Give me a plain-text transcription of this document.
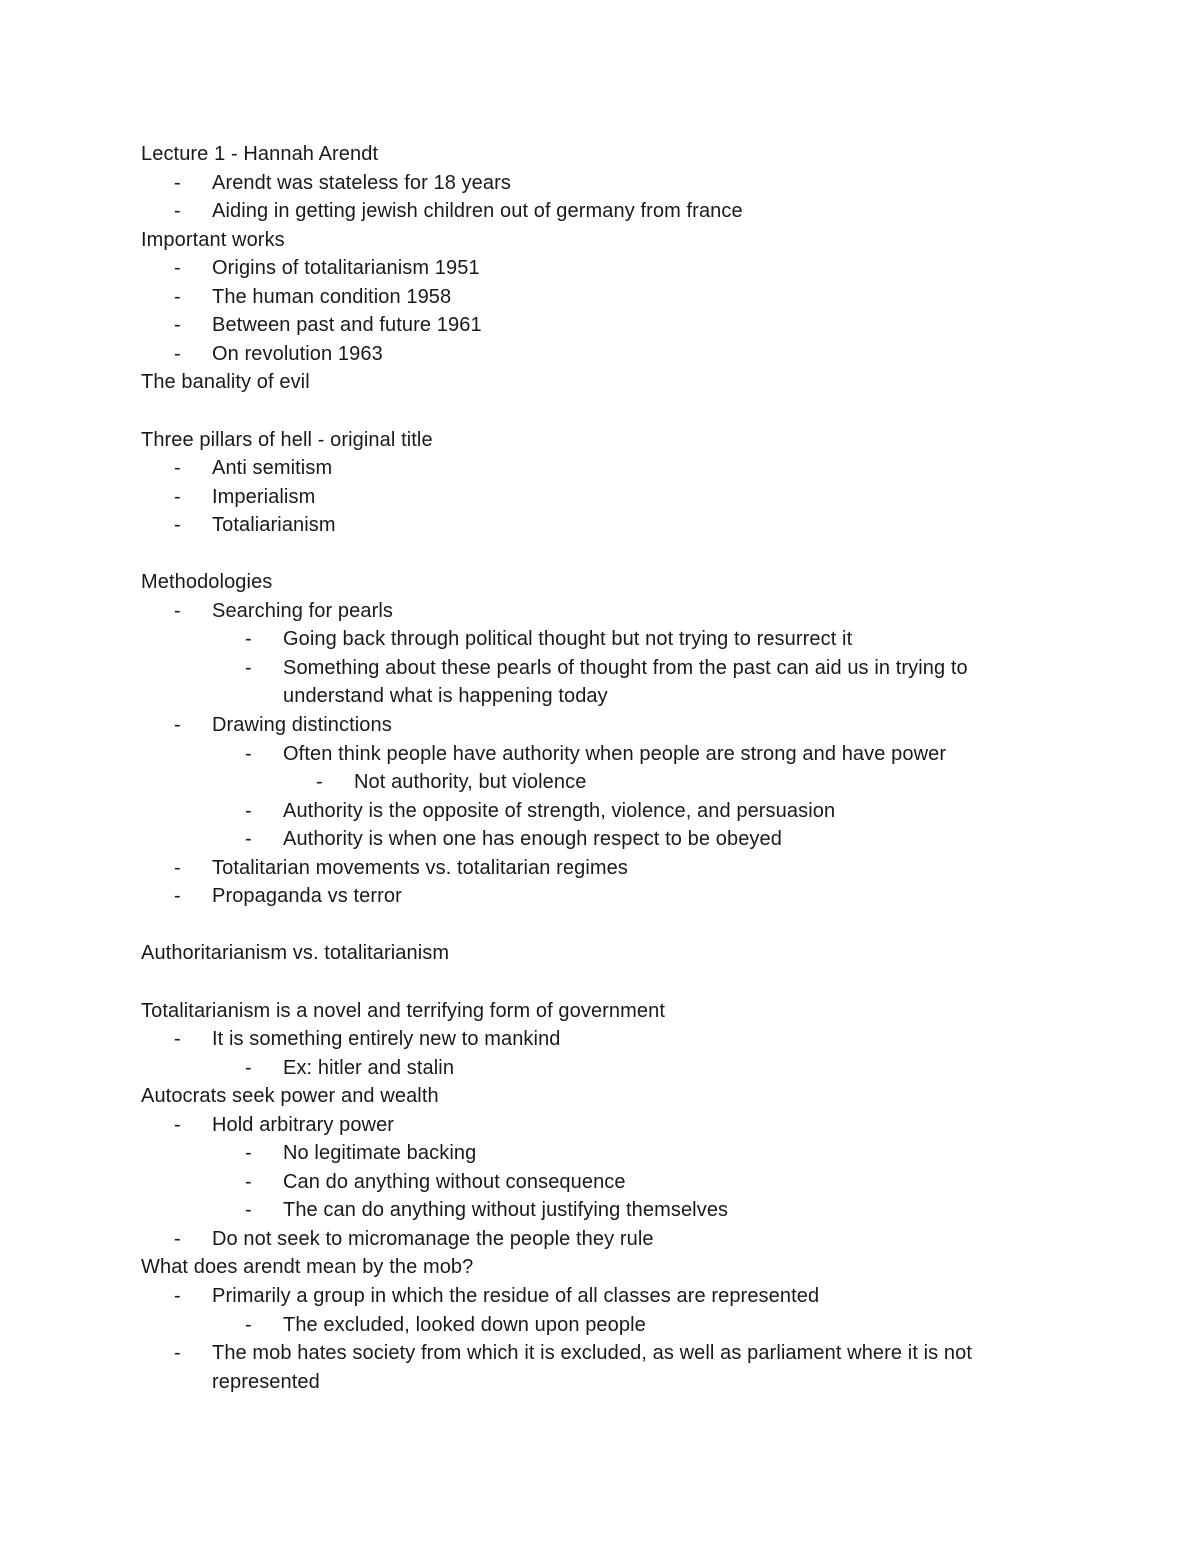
Lecture 1 - Hannah Arendt
-	Arendt was stateless for 18 years
-	Aiding in getting jewish children out of germany from france
Important works
-	Origins of totalitarianism 1951
-	The human condition 1958
-	Between past and future 1961
-	On revolution 1963
The banality of evil
Three pillars of hell - original title
-	Anti semitism
-	Imperialism
-	Totaliarianism
Methodologies
-	Searching for pearls
-	Going back through political thought but not trying to resurrect it
-	Something about these pearls of thought from the past can aid us in trying to
understand what is happening today
-	Drawing distinctions
-	Often think people have authority when people are strong and have power
-	Not authority, but violence
-	Authority is the opposite of strength, violence, and persuasion
-	Authority is when one has enough respect to be obeyed
-	Totalitarian movements vs. totalitarian regimes
-	Propaganda vs terror
Authoritarianism vs. totalitarianism
Totalitarianism is a novel and terrifying form of government
-	It is something entirely new to mankind
-	Ex: hitler and stalin
Autocrats seek power and wealth
-	Hold arbitrary power
-	No legitimate backing
-	Can do anything without consequence
-	The can do anything without justifying themselves
-	Do not seek to micromanage the people they rule
What does arendt mean by the mob?
-	Primarily a group in which the residue of all classes are represented
-	The excluded, looked down upon people
-	The mob hates society from which it is excluded, as well as parliament where it is not
represented
